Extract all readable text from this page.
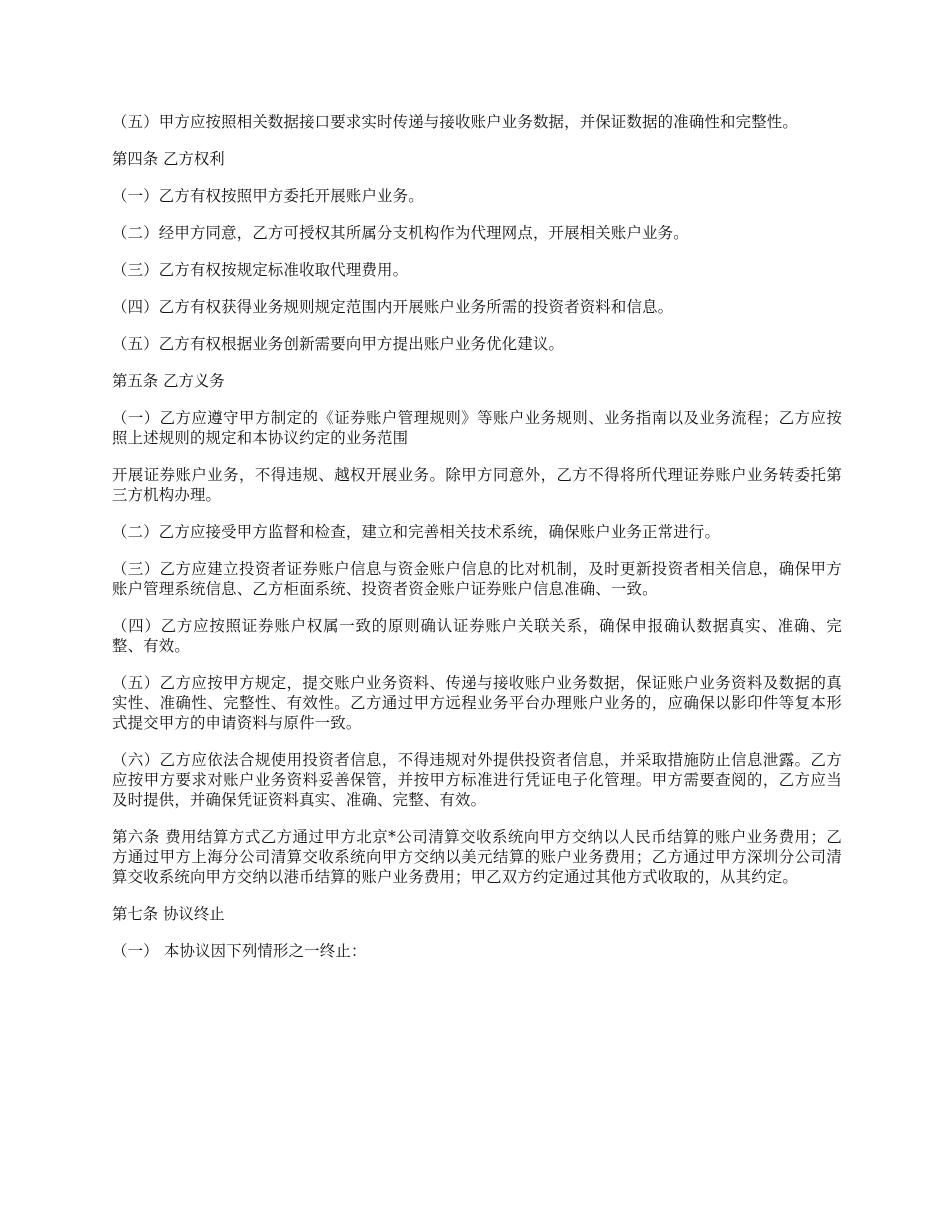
（五）甲方应按照相关数据接口要求实时传递与接收账户业务数据，并保证数据的准确性和完整性。

第四条 乙方权利

（一）乙方有权按照甲方委托开展账户业务。

（二）经甲方同意，乙方可授权其所属分支机构作为代理网点，开展相关账户业务。

（三）乙方有权按规定标准收取代理费用。

（四）乙方有权获得业务规则规定范围内开展账户业务所需的投资者资料和信息。

（五）乙方有权根据业务创新需要向甲方提出账户业务优化建议。

第五条 乙方义务

（一）乙方应遵守甲方制定的《证券账户管理规则》等账户业务规则、业务指南以及业务流程；乙方应按照上述规则的规定和本协议约定的业务范围

开展证券账户业务，不得违规、越权开展业务。除甲方同意外，乙方不得将所代理证券账户业务转委托第三方机构办理。

（二）乙方应接受甲方监督和检查，建立和完善相关技术系统，确保账户业务正常进行。

（三）乙方应建立投资者证券账户信息与资金账户信息的比对机制，及时更新投资者相关信息，确保甲方账户管理系统信息、乙方柜面系统、投资者资金账户证券账户信息准确、一致。

（四）乙方应按照证券账户权属一致的原则确认证券账户关联关系，确保申报确认数据真实、准确、完整、有效。

（五）乙方应按甲方规定，提交账户业务资料、传递与接收账户业务数据，保证账户业务资料及数据的真实性、准确性、完整性、有效性。乙方通过甲方远程业务平台办理账户业务的，应确保以影印件等复本形式提交甲方的申请资料与原件一致。

（六）乙方应依法合规使用投资者信息，不得违规对外提供投资者信息，并采取措施防止信息泄露。乙方应按甲方要求对账户业务资料妥善保管，并按甲方标准进行凭证电子化管理。甲方需要查阅的，乙方应当及时提供，并确保凭证资料真实、准确、完整、有效。

第六条 费用结算方式乙方通过甲方北京*公司清算交收系统向甲方交纳以人民币结算的账户业务费用；乙方通过甲方上海分公司清算交收系统向甲方交纳以美元结算的账户业务费用；乙方通过甲方深圳分公司清算交收系统向甲方交纳以港币结算的账户业务费用；甲乙双方约定通过其他方式收取的，从其约定。

第七条 协议终止

（一） 本协议因下列情形之一终止：
